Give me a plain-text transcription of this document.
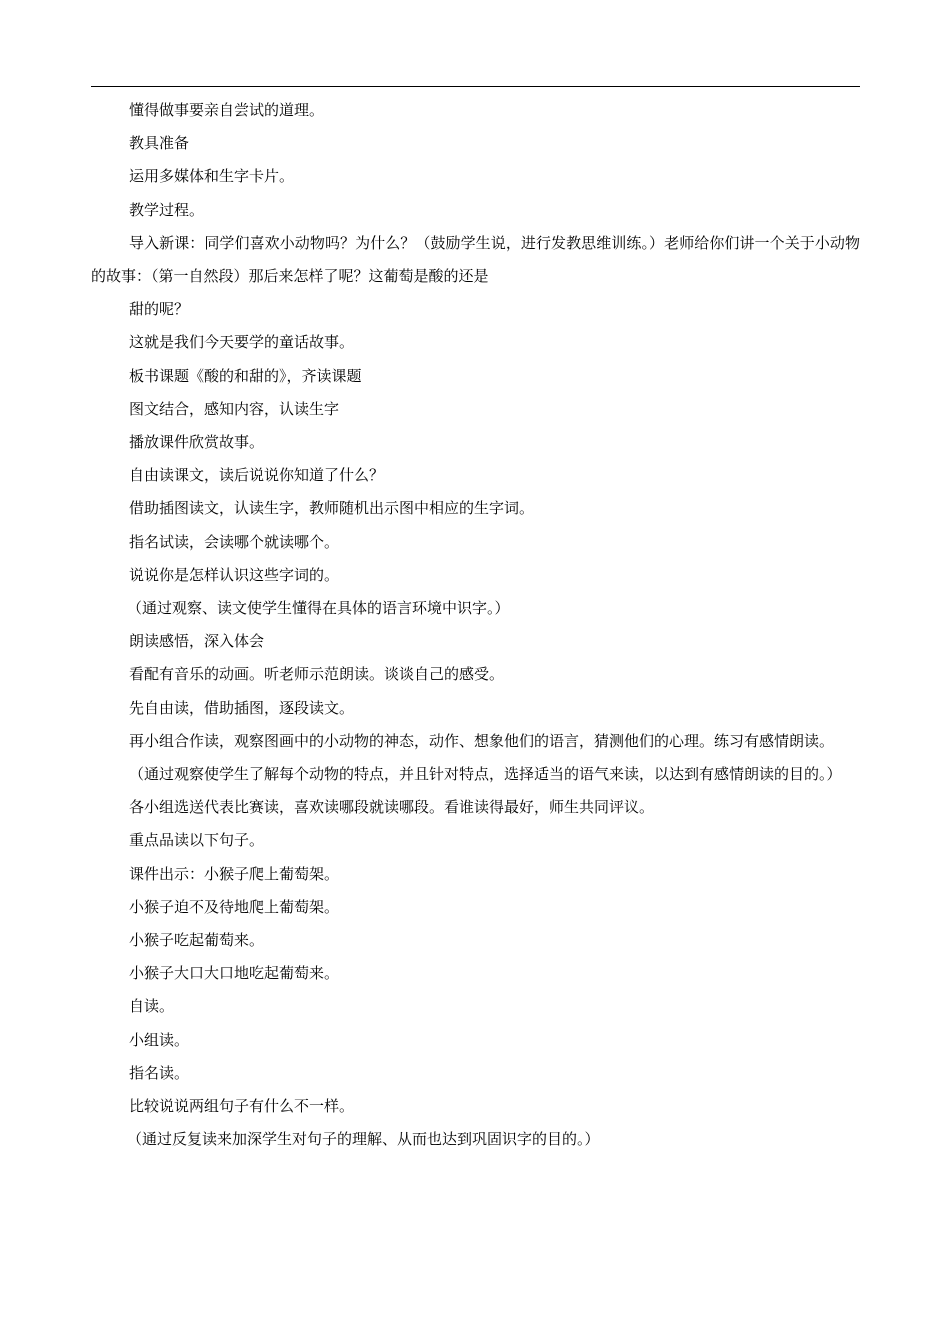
懂得做事要亲自尝试的道理。

教具准备

运用多媒体和生字卡片。

教学过程。

导入新课：同学们喜欢小动物吗？为什么？（鼓励学生说，进行发教思维训练。）老师给你们讲一个关于小动物的故事：（第一自然段）那后来怎样了呢？这葡萄是酸的还是

甜的呢？

这就是我们今天要学的童话故事。

板书课题《酸的和甜的》，齐读课题

图文结合，感知内容，认读生字

播放课件欣赏故事。

自由读课文，读后说说你知道了什么？

借助插图读文，认读生字，教师随机出示图中相应的生字词。

指名试读，会读哪个就读哪个。

说说你是怎样认识这些字词的。

（通过观察、读文使学生懂得在具体的语言环境中识字。）

朗读感悟，深入体会

看配有音乐的动画。听老师示范朗读。谈谈自己的感受。

先自由读，借助插图，逐段读文。

再小组合作读，观察图画中的小动物的神态，动作、想象他们的语言，猜测他们的心理。练习有感情朗读。

（通过观察使学生了解每个动物的特点，并且针对特点，选择适当的语气来读，以达到有感情朗读的目的。）

各小组选送代表比赛读，喜欢读哪段就读哪段。看谁读得最好，师生共同评议。

重点品读以下句子。

课件出示：小猴子爬上葡萄架。

小猴子迫不及待地爬上葡萄架。

小猴子吃起葡萄来。

小猴子大口大口地吃起葡萄来。

自读。

小组读。

指名读。

比较说说两组句子有什么不一样。

（通过反复读来加深学生对句子的理解、从而也达到巩固识字的目的。）
